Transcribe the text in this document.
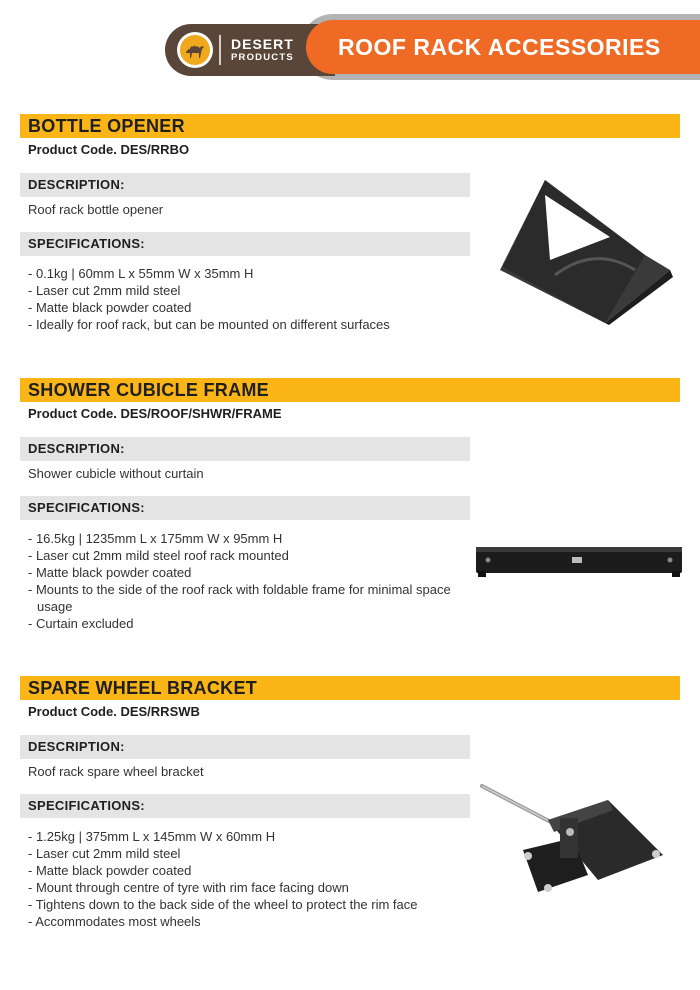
DESERT
PRODUCTS	ROOF RACK ACCESSORIES
BOTTLE OPENER
Product Code. DES/RRBO
DESCRIPTION:
Roof rack bottle opener
SPECIFICATIONS:
- 0.1kg | 60mm L x 55mm W x 35mm H
- Laser cut 2mm mild steel
- Matte black powder coated
- Ideally for roof rack, but can be mounted on different surfaces
SHOWER CUBICLE FRAME
Product Code. DES/ROOF/SHWR/FRAME
DESCRIPTION:
Shower cubicle without curtain
SPECIFICATIONS:
- 16.5kg | 1235mm L x 175mm W x 95mm H
- Laser cut 2mm mild steel roof rack mounted
- Matte black powder coated
- Mounts to the side of the roof rack with foldable frame for minimal space usage
- Curtain excluded
SPARE WHEEL BRACKET
Product Code. DES/RRSWB
DESCRIPTION:
Roof rack spare wheel bracket
SPECIFICATIONS:
- 1.25kg | 375mm L x 145mm W x 60mm H
- Laser cut 2mm mild steel
- Matte black powder coated
- Mount through centre of tyre with rim face facing down
- Tightens down to the back side of the wheel to protect the rim face
- Accommodates most wheels
